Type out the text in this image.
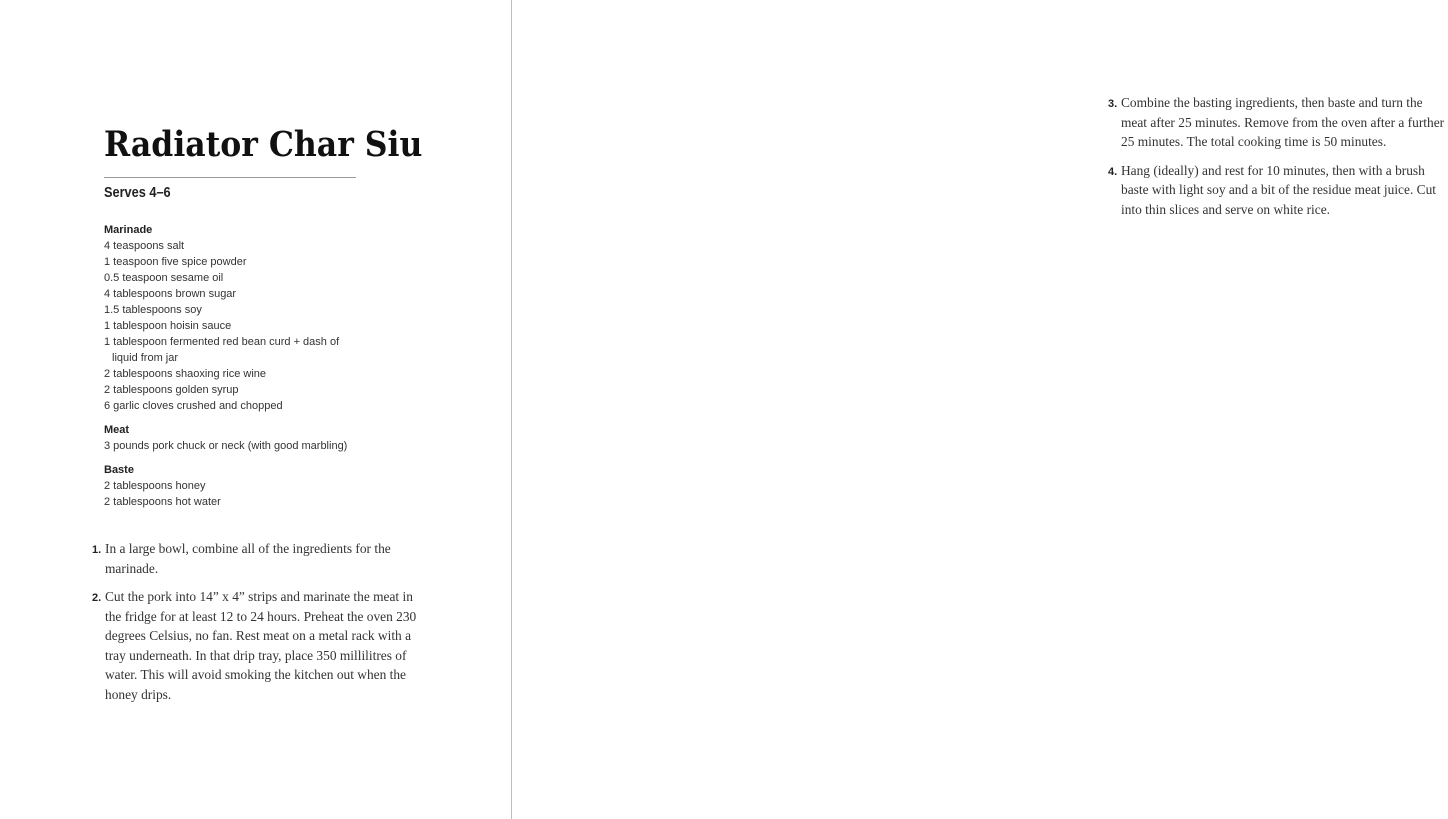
Radiator Char Siu
Serves 4–6
Marinade
4 teaspoons salt
1 teaspoon five spice powder
0.5 teaspoon sesame oil
4 tablespoons brown sugar
1.5 tablespoons soy
1 tablespoon hoisin sauce
1 tablespoon fermented red bean curd + dash of liquid from jar
2 tablespoons shaoxing rice wine
2 tablespoons golden syrup
6 garlic cloves crushed and chopped
Meat
3 pounds pork chuck or neck (with good marbling)
Baste
2 tablespoons honey
2 tablespoons hot water
1. In a large bowl, combine all of the ingredients for the marinade.
2. Cut the pork into 14” x 4” strips and marinate the meat in the fridge for at least 12 to 24 hours. Preheat the oven 230 degrees Celsius, no fan. Rest meat on a metal rack with a tray underneath. In that drip tray, place 350 millilitres of water. This will avoid smoking the kitchen out when the honey drips.
3. Combine the basting ingredients, then baste and turn the meat after 25 minutes. Remove from the oven after a further 25 minutes. The total cooking time is 50 minutes.
4. Hang (ideally) and rest for 10 minutes, then with a brush baste with light soy and a bit of the residue meat juice. Cut into thin slices and serve on white rice.
